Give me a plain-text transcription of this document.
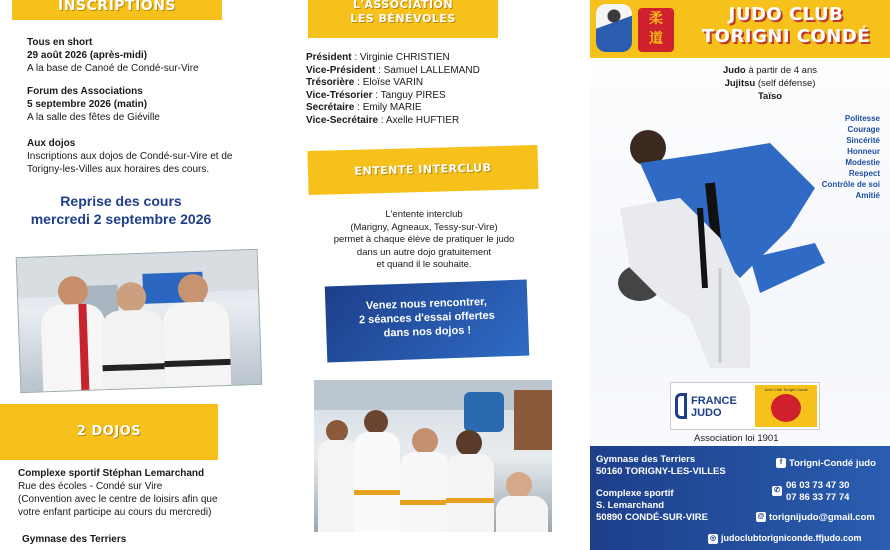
INSCRIPTIONS
Tous en short
29 août 2026 (après-midi)
A la base de Canoé de Condé-sur-Vire
Forum des Associations
5 septembre 2026 (matin)
A la salle des fêtes de Giéville
Aux dojos
Inscriptions aux dojos de Condé-sur-Vire et de Torigny-les-Villes aux horaires des cours.
Reprise des cours
mercredi 2 septembre 2026
2 DOJOS
Complexe sportif Stéphan Lemarchand
Rue des écoles - Condé sur Vire
(Convention avec le centre de loisirs afin que votre enfant participe au cours du mercredi)
Gymnase des Terriers
L'ASSOCIATION
LES BÉNÉVOLES
Président : Virginie CHRISTIEN
Vice-Président : Samuel LALLEMAND
Trésorière : Eloïse VARIN
Vice-Trésorier : Tanguy PIRES
Secrétaire : Emily MARIE
Vice-Secrétaire : Axelle HUFTIER
ENTENTE INTERCLUB
L'entente interclub
(Marigny, Agneaux, Tessy-sur-Vire)
permet à chaque élève de pratiquer le judo
dans un autre dojo gratuitement
et quand il le souhaite.
Venez nous rencontrer,
2 séances d'essai offertes
dans nos dojos !
柔
道
JUDO CLUB
TORIGNI CONDÉ
Judo à partir de 4 ans
Jujitsu (self défense)
Taïso
Politesse
Courage
Sincérité
Honneur
Modestie
Respect
Contrôle de soi
Amitié
FRANCE
JUDO
Judo Club Torigni Condé
Association loi 1901
Gymnase des Terriers
50160 TORIGNY-LES-VILLES
Complexe sportif
S. Lemarchand
50890 CONDÉ-SUR-VIRE
f Torigni-Condé judo
✆ 06 03 73 47 30
07 86 33 77 74
@ torignijudo@gmail.com
◎ judoclubtorigniconde.ffjudo.com
